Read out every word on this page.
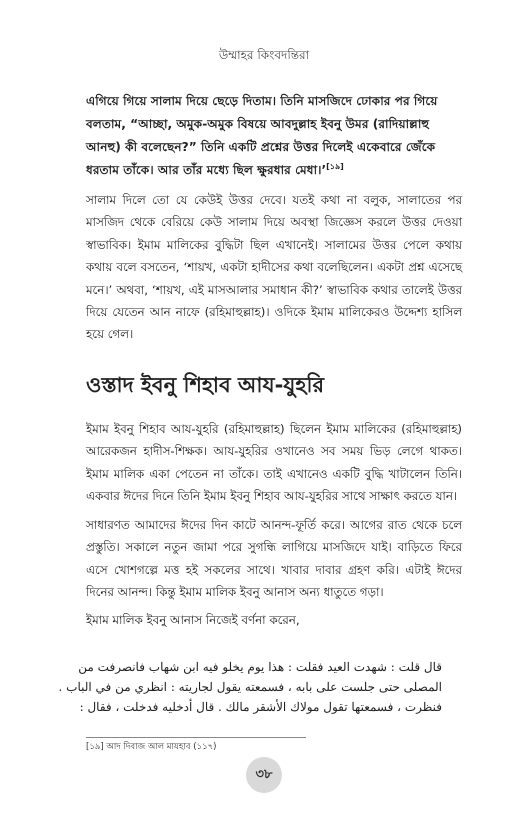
উম্মাহর কিংবদন্তিরা

এগিয়ে গিয়ে সালাম দিয়ে ছেড়ে দিতাম। তিনি মাসজিদে ঢোকার পর গিয়ে

বলতাম, “আচ্ছা, অমুক-অমুক বিষয়ে আবদুল্লাহ ইবনু উমর (রাদিয়াল্লাহু

আনহু) কী বলেছেন?” তিনি একটি প্রশ্নের উত্তর দিলেই একেবারে জেঁকে

ধরতাম তাঁকে। আর তাঁর মধ্যে ছিল ক্ষুরধার মেধা।’[১৯]

সালাম দিলে তো যে কেউই উত্তর দেবে। যতই কথা না বলুক, সালাতের পর মাসজিদ থেকে বেরিয়ে কেউ সালাম দিয়ে অবস্থা জিজ্ঞেস করলে উত্তর দেওয়া স্বাভাবিক। ইমাম মালিকের বুদ্ধিটা ছিল এখানেই। সালামের উত্তর পেলে কথায় কথায় বলে বসতেন, ‘শায়খ, একটা হাদীসের কথা বলেছিলেন। একটা প্রশ্ন এসেছে মনে।’ অথবা, ‘শায়খ, এই মাসআলার সমাধান কী?’ স্বাভাবিক কথার তালেই উত্তর দিয়ে যেতেন আন নাফে (রহিমাহুল্লাহ)। ওদিকে ইমাম মালিকেরও উদ্দেশ্য হাসিল হয়ে গেল।

ওস্তাদ ইবনু শিহাব আয-যুহরি

ইমাম ইবনু শিহাব আয-যুহরি (রহিমাহুল্লাহ) ছিলেন ইমাম মালিকের (রহিমাহুল্লাহ) আরেকজন হাদীস-শিক্ষক। আয-যুহরির ওখানেও সব সময় ভিড় লেগে থাকত। ইমাম মালিক একা পেতেন না তাঁকে। তাই এখানেও একটি বুদ্ধি খাটালেন তিনি। একবার ঈদের দিনে তিনি ইমাম ইবনু শিহাব আয-যুহরির সাথে সাক্ষাৎ করতে যান।

সাধারণত আমাদের ঈদের দিন কাটে আনন্দ-ফূর্তি করে। আগের রাত থেকে চলে প্রস্তুতি। সকালে নতুন জামা পরে সুগন্ধি লাগিয়ে মাসজিদে যাই। বাড়িতে ফিরে এসে খোশগল্পে মত্ত হই সকলের সাথে। খাবার দাবার গ্রহণ করি। এটাই ঈদের দিনের আনন্দ। কিন্তু ইমাম মালিক ইবনু আনাস অন্য ধাতুতে গড়া।

ইমাম মালিক ইবনু আনাস নিজেই বর্ণনা করেন,

قال قلت : شهدت العيد فقلت : هذا يوم يخلو فيه ابن شهاب فانصرفت من
المصلى حتى جلست على بابه ، فسمعته يقول لجاريته : انظري من في الباب .
فنظرت ، فسمعتها تقول مولاك الأشقر مالك . قال أدخليه فدخلت ، فقال :
[১৯] আদ দিবাজ আল মাযহাব (১১৭)
৩৮
